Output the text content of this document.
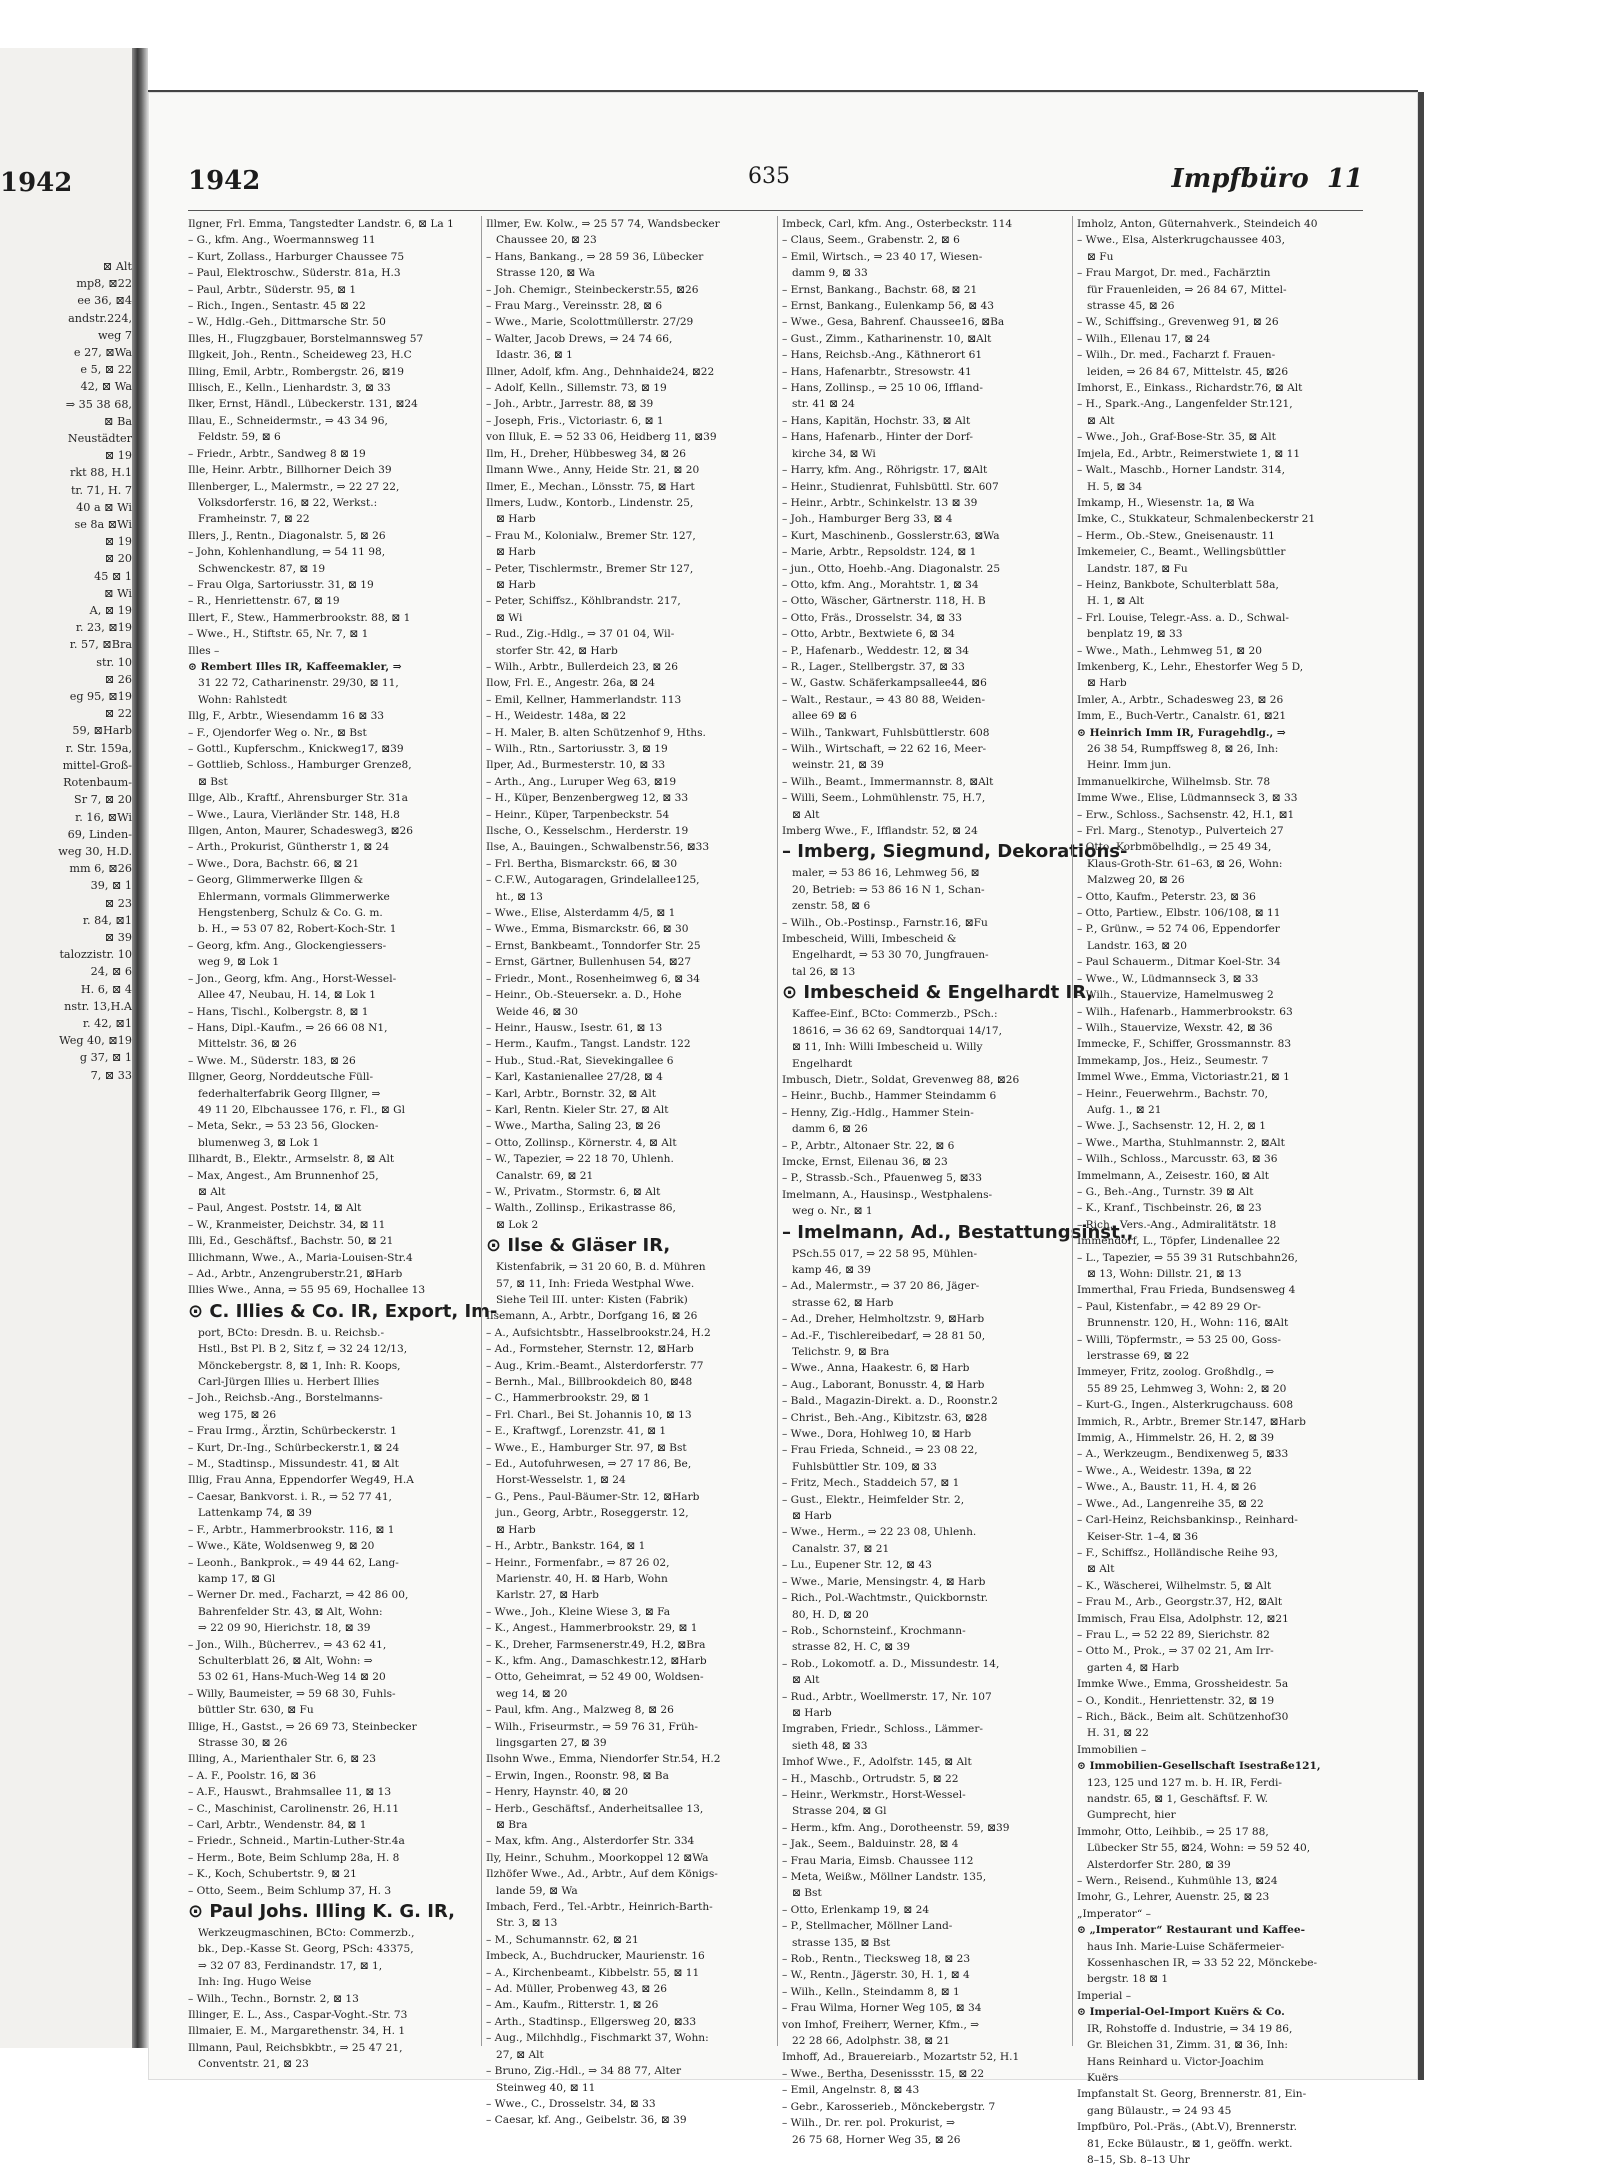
1942
⊠ Alt
mp8, ⊠22
ee 36, ⊠4
andstr.224,
weg 7
e 27, ⊠Wa
e 5, ⊠ 22
42, ⊠ Wa
⇒ 35 38 68,
⊠ Ba
Neustädter
⊠ 19
rkt 88, H.1
tr. 71, H. 7
40 a ⊠ Wi
se 8a ⊠Wi
⊠ 19
⊠ 20
45 ⊠ 1
⊠ Wi
A, ⊠ 19
r. 23, ⊠19
r. 57, ⊠Bra
str. 10
⊠ 26
eg 95, ⊠19
⊠ 22
59, ⊠Harb
r. Str. 159a,
mittel-Groß-
Rotenbaum-
Sr 7, ⊠ 20
r. 16, ⊠Wi
69, Linden-
weg 30, H.D.
mm 6, ⊠26
39, ⊠ 1
⊠ 23
r. 84, ⊠1
⊠ 39
talozzistr. 10
24, ⊠ 6
H. 6, ⊠ 4
nstr. 13,H.A
r. 42, ⊠1
Weg 40, ⊠19
g 37, ⊠ 1
7, ⊠ 33
1942	635	Impfbüro 11
Ilgner, Frl. Emma, Tangstedter Landstr. 6, ⊠ La 1
– G., kfm. Ang., Woermannsweg 11
– Kurt, Zollass., Harburger Chaussee 75
– Paul, Elektroschw., Süderstr. 81a, H.3
– Paul, Arbtr., Süderstr. 95, ⊠ 1
– Rich., Ingen., Sentastr. 45 ⊠ 22
– W., Hdlg.-Geh., Dittmarsche Str. 50
Illes, H., Flugzgbauer, Borstelmannsweg 57
Illgkeit, Joh., Rentn., Scheideweg 23, H.C
Illing, Emil, Arbtr., Rombergstr. 26, ⊠19
Illisch, E., Kelln., Lienhardstr. 3, ⊠ 33
Ilker, Ernst, Händl., Lübeckerstr. 131, ⊠24
Illau, E., Schneidermstr., ⇒ 43 34 96,
Feldstr. 59, ⊠ 6
– Friedr., Arbtr., Sandweg 8 ⊠ 19
Ille, Heinr. Arbtr., Billhorner Deich 39
Illenberger, L., Malermstr., ⇒ 22 27 22,
Volksdorferstr. 16, ⊠ 22, Werkst.:
Framheinstr. 7, ⊠ 22
Illers, J., Rentn., Diagonalstr. 5, ⊠ 26
– John, Kohlenhandlung, ⇒ 54 11 98,
Schwenckestr. 87, ⊠ 19
– Frau Olga, Sartoriusstr. 31, ⊠ 19
– R., Henriettenstr. 67, ⊠ 19
Illert, F., Stew., Hammerbrookstr. 88, ⊠ 1
– Wwe., H., Stiftstr. 65, Nr. 7, ⊠ 1
Illes –
⊙ Rembert Illes IR, Kaffeemakler, ⇒
31 22 72, Catharinenstr. 29/30, ⊠ 11,
Wohn: Rahlstedt
Illg, F., Arbtr., Wiesendamm 16 ⊠ 33
– F., Ojendorfer Weg o. Nr., ⊠ Bst
– Gottl., Kupferschm., Knickweg17, ⊠39
– Gottlieb, Schloss., Hamburger Grenze8,
⊠ Bst
Illge, Alb., Kraftf., Ahrensburger Str. 31a
– Wwe., Laura, Vierländer Str. 148, H.8
Illgen, Anton, Maurer, Schadesweg3, ⊠26
– Arth., Prokurist, Güntherstr 1, ⊠ 24
– Wwe., Dora, Bachstr. 66, ⊠ 21
– Georg, Glimmerwerke Illgen &
Ehlermann, vormals Glimmerwerke
Hengstenberg, Schulz & Co. G. m.
b. H., ⇒ 53 07 82, Robert-Koch-Str. 1
– Georg, kfm. Ang., Glockengiessers-
weg 9, ⊠ Lok 1
– Jon., Georg, kfm. Ang., Horst-Wessel-
Allee 47, Neubau, H. 14, ⊠ Lok 1
– Hans, Tischl., Kolbergstr. 8, ⊠ 1
– Hans, Dipl.-Kaufm., ⇒ 26 66 08 N1,
Mittelstr. 36, ⊠ 26
– Wwe. M., Süderstr. 183, ⊠ 26
Illgner, Georg, Norddeutsche Füll-
federhalterfabrik Georg Illgner, ⇒
49 11 20, Elbchaussee 176, r. Fl., ⊠ Gl
– Meta, Sekr., ⇒ 53 23 56, Glocken-
blumenweg 3, ⊠ Lok 1
Illhardt, B., Elektr., Armselstr. 8, ⊠ Alt
– Max, Angest., Am Brunnenhof 25,
⊠ Alt
– Paul, Angest. Poststr. 14, ⊠ Alt
– W., Kranmeister, Deichstr. 34, ⊠ 11
Illi, Ed., Geschäftsf., Bachstr. 50, ⊠ 21
Illichmann, Wwe., A., Maria-Louisen-Str.4
– Ad., Arbtr., Anzengruberstr.21, ⊠Harb
Illies Wwe., Anna, ⇒ 55 95 69, Hochallee 13
⊙ C. Illies & Co. IR, Export, Im-
port, BCto: Dresdn. B. u. Reichsb.-
Hstl., Bst Pl. B 2, Sitz f, ⇒ 32 24 12/13,
Mönckebergstr. 8, ⊠ 1, Inh: R. Koops,
Carl-Jürgen Illies u. Herbert Illies
– Joh., Reichsb.-Ang., Borstelmanns-
weg 175, ⊠ 26
– Frau Irmg., Ärztin, Schürbeckerstr. 1
– Kurt, Dr.-Ing., Schürbeckerstr.1, ⊠ 24
– M., Stadtinsp., Missundestr. 41, ⊠ Alt
Illig, Frau Anna, Eppendorfer Weg49, H.A
– Caesar, Bankvorst. i. R., ⇒ 52 77 41,
Lattenkamp 74, ⊠ 39
– F., Arbtr., Hammerbrookstr. 116, ⊠ 1
– Wwe., Käte, Woldsenweg 9, ⊠ 20
– Leonh., Bankprok., ⇒ 49 44 62, Lang-
kamp 17, ⊠ Gl
– Werner Dr. med., Facharzt, ⇒ 42 86 00,
Bahrenfelder Str. 43, ⊠ Alt, Wohn:
⇒ 22 09 90, Hierichstr. 18, ⊠ 39
– Jon., Wilh., Bücherrev., ⇒ 43 62 41,
Schulterblatt 26, ⊠ Alt, Wohn: ⇒
53 02 61, Hans-Much-Weg 14 ⊠ 20
– Willy, Baumeister, ⇒ 59 68 30, Fuhls-
büttler Str. 630, ⊠ Fu
Illige, H., Gastst., ⇒ 26 69 73, Steinbecker
Strasse 30, ⊠ 26
Illing, A., Marienthaler Str. 6, ⊠ 23
– A. F., Poolstr. 16, ⊠ 36
– A.F., Hauswt., Brahmsallee 11, ⊠ 13
– C., Maschinist, Carolinenstr. 26, H.11
– Carl, Arbtr., Wendenstr. 84, ⊠ 1
– Friedr., Schneid., Martin-Luther-Str.4a
– Herm., Bote, Beim Schlump 28a, H. 8
– K., Koch, Schubertstr. 9, ⊠ 21
– Otto, Seem., Beim Schlump 37, H. 3
⊙ Paul Johs. Illing K. G. IR,
Werkzeugmaschinen, BCto: Commerzb.,
bk., Dep.-Kasse St. Georg, PSch: 43375,
⇒ 32 07 83, Ferdinandstr. 17, ⊠ 1,
Inh: Ing. Hugo Weise
– Wilh., Techn., Bornstr. 2, ⊠ 13
Illinger, E. L., Ass., Caspar-Voght.-Str. 73
Illmaier, E. M., Margarethenstr. 34, H. 1
Illmann, Paul, Reichsbkbtr., ⇒ 25 47 21,
Conventstr. 21, ⊠ 23
Illmer, Ew. Kolw., ⇒ 25 57 74, Wandsbecker
Chaussee 20, ⊠ 23
– Hans, Bankang., ⇒ 28 59 36, Lübecker
Strasse 120, ⊠ Wa
– Joh. Chemigr., Steinbeckerstr.55, ⊠26
– Frau Marg., Vereinsstr. 28, ⊠ 6
– Wwe., Marie, Scolottmüllerstr. 27/29
– Walter, Jacob Drews, ⇒ 24 74 66,
Idastr. 36, ⊠ 1
Illner, Adolf, kfm. Ang., Dehnhaide24, ⊠22
– Adolf, Kelln., Sillemstr. 73, ⊠ 19
– Joh., Arbtr., Jarrestr. 88, ⊠ 39
– Joseph, Fris., Victoriastr. 6, ⊠ 1
von Illuk, E. ⇒ 52 33 06, Heidberg 11, ⊠39
Ilm, H., Dreher, Hübbesweg 34, ⊠ 26
Ilmann Wwe., Anny, Heide Str. 21, ⊠ 20
Ilmer, E., Mechan., Lönsstr. 75, ⊠ Hart
Ilmers, Ludw., Kontorb., Lindenstr. 25,
⊠ Harb
– Frau M., Kolonialw., Bremer Str. 127,
⊠ Harb
– Peter, Tischlermstr., Bremer Str 127,
⊠ Harb
– Peter, Schiffsz., Köhlbrandstr. 217,
⊠ Wi
– Rud., Zig.-Hdlg., ⇒ 37 01 04, Wil-
storfer Str. 42, ⊠ Harb
– Wilh., Arbtr., Bullerdeich 23, ⊠ 26
Ilow, Frl. E., Angestr. 26a, ⊠ 24
– Emil, Kellner, Hammerlandstr. 113
– H., Weidestr. 148a, ⊠ 22
– H. Maler, B. alten Schützenhof 9, Hths.
– Wilh., Rtn., Sartoriusstr. 3, ⊠ 19
Ilper, Ad., Burmesterstr. 10, ⊠ 33
– Arth., Ang., Luruper Weg 63, ⊠19
– H., Küper, Benzenbergweg 12, ⊠ 33
– Heinr., Küper, Tarpenbeckstr. 54
Ilsche, O., Kesselschm., Herderstr. 19
Ilse, A., Bauingen., Schwalbenstr.56, ⊠33
– Frl. Bertha, Bismarckstr. 66, ⊠ 30
– C.F.W., Autogaragen, Grindelallee125,
ht., ⊠ 13
– Wwe., Elise, Alsterdamm 4/5, ⊠ 1
– Wwe., Emma, Bismarckstr. 66, ⊠ 30
– Ernst, Bankbeamt., Tonndorfer Str. 25
– Ernst, Gärtner, Bullenhusen 54, ⊠27
– Friedr., Mont., Rosenheimweg 6, ⊠ 34
– Heinr., Ob.-Steuersekr. a. D., Hohe
Weide 46, ⊠ 30
– Heinr., Hausw., Isestr. 61, ⊠ 13
– Herm., Kaufm., Tangst. Landstr. 122
– Hub., Stud.-Rat, Sievekingallee 6
– Karl, Kastanienallee 27/28, ⊠ 4
– Karl, Arbtr., Bornstr. 32, ⊠ Alt
– Karl, Rentn. Kieler Str. 27, ⊠ Alt
– Wwe., Martha, Saling 23, ⊠ 26
– Otto, Zollinsp., Körnerstr. 4, ⊠ Alt
– W., Tapezier, ⇒ 22 18 70, Uhlenh.
Canalstr. 69, ⊠ 21
– W., Privatm., Stormstr. 6, ⊠ Alt
– Walth., Zollinsp., Erikastrasse 86,
⊠ Lok 2
⊙ Ilse & Gläser IR,
Kistenfabrik, ⇒ 31 20 60, B. d. Mühren
57, ⊠ 11, Inh: Frieda Westphal Wwe.
Siehe Teil III. unter: Kisten (Fabrik)
Ilsemann, A., Arbtr., Dorfgang 16, ⊠ 26
– A., Aufsichtsbtr., Hasselbrookstr.24, H.2
– Ad., Formsteher, Sternstr. 12, ⊠Harb
– Aug., Krim.-Beamt., Alsterdorferstr. 77
– Bernh., Mal., Billbrookdeich 80, ⊠48
– C., Hammerbrookstr. 29, ⊠ 1
– Frl. Charl., Bei St. Johannis 10, ⊠ 13
– E., Kraftwgf., Lorenzstr. 41, ⊠ 1
– Wwe., E., Hamburger Str. 97, ⊠ Bst
– Ed., Autofuhrwesen, ⇒ 27 17 86, Be,
Horst-Wesselstr. 1, ⊠ 24
– G., Pens., Paul-Bäumer-Str. 12, ⊠Harb
jun., Georg, Arbtr., Roseggerstr. 12,
⊠ Harb
– H., Arbtr., Bankstr. 164, ⊠ 1
– Heinr., Formenfabr., ⇒ 87 26 02,
Marienstr. 40, H. ⊠ Harb, Wohn
Karlstr. 27, ⊠ Harb
– Wwe., Joh., Kleine Wiese 3, ⊠ Fa
– K., Angest., Hammerbrookstr. 29, ⊠ 1
– K., Dreher, Farmsenerstr.49, H.2, ⊠Bra
– K., kfm. Ang., Damaschkestr.12, ⊠Harb
– Otto, Geheimrat, ⇒ 52 49 00, Woldsen-
weg 14, ⊠ 20
– Paul, kfm. Ang., Malzweg 8, ⊠ 26
– Wilh., Friseurmstr., ⇒ 59 76 31, Früh-
lingsgarten 27, ⊠ 39
Ilsohn Wwe., Emma, Niendorfer Str.54, H.2
– Erwin, Ingen., Roonstr. 98, ⊠ Ba
– Henry, Haynstr. 40, ⊠ 20
– Herb., Geschäftsf., Anderheitsallee 13,
⊠ Bra
– Max, kfm. Ang., Alsterdorfer Str. 334
Ily, Heinr., Schuhm., Moorkoppel 12 ⊠Wa
Ilzhöfer Wwe., Ad., Arbtr., Auf dem Königs-
lande 59, ⊠ Wa
Imbach, Ferd., Tel.-Arbtr., Heinrich-Barth-
Str. 3, ⊠ 13
– M., Schumannstr. 62, ⊠ 21
Imbeck, A., Buchdrucker, Maurienstr. 16
– A., Kirchenbeamt., Kibbelstr. 55, ⊠ 11
– Ad. Müller, Probenweg 43, ⊠ 26
– Am., Kaufm., Ritterstr. 1, ⊠ 26
– Arth., Stadtinsp., Ellgersweg 20, ⊠33
– Aug., Milchhdlg., Fischmarkt 37, Wohn:
27, ⊠ Alt
– Bruno, Zig.-Hdl., ⇒ 34 88 77, Alter
Steinweg 40, ⊠ 11
– Wwe., C., Drosselstr. 34, ⊠ 33
– Caesar, kf. Ang., Geibelstr. 36, ⊠ 39
Imbeck, Carl, kfm. Ang., Osterbeckstr. 114
– Claus, Seem., Grabenstr. 2, ⊠ 6
– Emil, Wirtsch., ⇒ 23 40 17, Wiesen-
damm 9, ⊠ 33
– Ernst, Bankang., Bachstr. 68, ⊠ 21
– Ernst, Bankang., Eulenkamp 56, ⊠ 43
– Wwe., Gesa, Bahrenf. Chaussee16, ⊠Ba
– Gust., Zimm., Katharinenstr. 10, ⊠Alt
– Hans, Reichsb.-Ang., Käthnerort 61
– Hans, Hafenarbtr., Stresowstr. 41
– Hans, Zollinsp., ⇒ 25 10 06, Iffland-
str. 41 ⊠ 24
– Hans, Kapitän, Hochstr. 33, ⊠ Alt
– Hans, Hafenarb., Hinter der Dorf-
kirche 34, ⊠ Wi
– Harry, kfm. Ang., Röhrigstr. 17, ⊠Alt
– Heinr., Studienrat, Fuhlsbüttl. Str. 607
– Heinr., Arbtr., Schinkelstr. 13 ⊠ 39
– Joh., Hamburger Berg 33, ⊠ 4
– Kurt, Maschinenb., Gosslerstr.63, ⊠Wa
– Marie, Arbtr., Repsoldstr. 124, ⊠ 1
– jun., Otto, Hoehb.-Ang. Diagonalstr. 25
– Otto, kfm. Ang., Morahtstr. 1, ⊠ 34
– Otto, Wäscher, Gärtnerstr. 118, H. B
– Otto, Fräs., Drosselstr. 34, ⊠ 33
– Otto, Arbtr., Bextwiete 6, ⊠ 34
– P., Hafenarb., Weddestr. 12, ⊠ 34
– R., Lager., Stellbergstr. 37, ⊠ 33
– W., Gastw. Schäferkampsallee44, ⊠6
– Walt., Restaur., ⇒ 43 80 88, Weiden-
allee 69 ⊠ 6
– Wilh., Tankwart, Fuhlsbüttlerstr. 608
– Wilh., Wirtschaft, ⇒ 22 62 16, Meer-
weinstr. 21, ⊠ 39
– Wilh., Beamt., Immermannstr. 8, ⊠Alt
– Willi, Seem., Lohmühlenstr. 75, H.7,
⊠ Alt
Imberg Wwe., F., Ifflandstr. 52, ⊠ 24
– Imberg, Siegmund, Dekorations-
maler, ⇒ 53 86 16, Lehmweg 56, ⊠
20, Betrieb: ⇒ 53 86 16 N 1, Schan-
zenstr. 58, ⊠ 6
– Wilh., Ob.-Postinsp., Farnstr.16, ⊠Fu
Imbescheid, Willi, Imbescheid &
Engelhardt, ⇒ 53 30 70, Jungfrauen-
tal 26, ⊠ 13
⊙ Imbescheid & Engelhardt IR,
Kaffee-Einf., BCto: Commerzb., PSch.:
18616, ⇒ 36 62 69, Sandtorquai 14/17,
⊠ 11, Inh: Willi Imbescheid u. Willy
Engelhardt
Imbusch, Dietr., Soldat, Grevenweg 88, ⊠26
– Heinr., Buchb., Hammer Steindamm 6
– Henny, Zig.-Hdlg., Hammer Stein-
damm 6, ⊠ 26
– P., Arbtr., Altonaer Str. 22, ⊠ 6
Imcke, Ernst, Eilenau 36, ⊠ 23
– P., Strassb.-Sch., Pfauenweg 5, ⊠33
Imelmann, A., Hausinsp., Westphalens-
weg o. Nr., ⊠ 1
– Imelmann, Ad., Bestattungsinst.,
PSch.55 017, ⇒ 22 58 95, Mühlen-
kamp 46, ⊠ 39
– Ad., Malermstr., ⇒ 37 20 86, Jäger-
strasse 62, ⊠ Harb
– Ad., Dreher, Helmholtzstr. 9, ⊠Harb
– Ad.-F., Tischlereibedarf, ⇒ 28 81 50,
Telichstr. 9, ⊠ Bra
– Wwe., Anna, Haakestr. 6, ⊠ Harb
– Aug., Laborant, Bonusstr. 4, ⊠ Harb
– Bald., Magazin-Direkt. a. D., Roonstr.2
– Christ., Beh.-Ang., Kibitzstr. 63, ⊠28
– Wwe., Dora, Hohlweg 10, ⊠ Harb
– Frau Frieda, Schneid., ⇒ 23 08 22,
Fuhlsbüttler Str. 109, ⊠ 33
– Fritz, Mech., Staddeich 57, ⊠ 1
– Gust., Elektr., Heimfelder Str. 2,
⊠ Harb
– Wwe., Herm., ⇒ 22 23 08, Uhlenh.
Canalstr. 37, ⊠ 21
– Lu., Eupener Str. 12, ⊠ 43
– Wwe., Marie, Mensingstr. 4, ⊠ Harb
– Rich., Pol.-Wachtmstr., Quickbornstr.
80, H. D, ⊠ 20
– Rob., Schornsteinf., Krochmann-
strasse 82, H. C, ⊠ 39
– Rob., Lokomotf. a. D., Missundestr. 14,
⊠ Alt
– Rud., Arbtr., Woellmerstr. 17, Nr. 107
⊠ Harb
Imgraben, Friedr., Schloss., Lämmer-
sieth 48, ⊠ 33
Imhof Wwe., F., Adolfstr. 145, ⊠ Alt
– H., Maschb., Ortrudstr. 5, ⊠ 22
– Heinr., Werkmstr., Horst-Wessel-
Strasse 204, ⊠ Gl
– Herm., kfm. Ang., Dorotheenstr. 59, ⊠39
– Jak., Seem., Balduinstr. 28, ⊠ 4
– Frau Maria, Eimsb. Chaussee 112
– Meta, Weißw., Möllner Landstr. 135,
⊠ Bst
– Otto, Erlenkamp 19, ⊠ 24
– P., Stellmacher, Möllner Land-
strasse 135, ⊠ Bst
– Rob., Rentn., Tiecksweg 18, ⊠ 23
– W., Rentn., Jägerstr. 30, H. 1, ⊠ 4
– Wilh., Kelln., Steindamm 8, ⊠ 1
– Frau Wilma, Horner Weg 105, ⊠ 34
von Imhof, Freiherr, Werner, Kfm., ⇒
22 28 66, Adolphstr. 38, ⊠ 21
Imhoff, Ad., Brauereiarb., Mozartstr 52, H.1
– Wwe., Bertha, Desenissstr. 15, ⊠ 22
– Emil, Angelnstr. 8, ⊠ 43
– Gebr., Karosserieb., Mönckebergstr. 7
– Wilh., Dr. rer. pol. Prokurist, ⇒
26 75 68, Horner Weg 35, ⊠ 26
Imholz, Anton, Güternahverk., Steindeich 40
– Wwe., Elsa, Alsterkrugchaussee 403,
⊠ Fu
– Frau Margot, Dr. med., Fachärztin
für Frauenleiden, ⇒ 26 84 67, Mittel-
strasse 45, ⊠ 26
– W., Schiffsing., Grevenweg 91, ⊠ 26
– Wilh., Ellenau 17, ⊠ 24
– Wilh., Dr. med., Facharzt f. Frauen-
leiden, ⇒ 26 84 67, Mittelstr. 45, ⊠26
Imhorst, E., Einkass., Richardstr.76, ⊠ Alt
– H., Spark.-Ang., Langenfelder Str.121,
⊠ Alt
– Wwe., Joh., Graf-Bose-Str. 35, ⊠ Alt
Imjela, Ed., Arbtr., Reimerstwiete 1, ⊠ 11
– Walt., Maschb., Horner Landstr. 314,
H. 5, ⊠ 34
Imkamp, H., Wiesenstr. 1a, ⊠ Wa
Imke, C., Stukkateur, Schmalenbeckerstr 21
– Herm., Ob.-Stew., Gneisenaustr. 11
Imkemeier, C., Beamt., Wellingsbüttler
Landstr. 187, ⊠ Fu
– Heinz, Bankbote, Schulterblatt 58a,
H. 1, ⊠ Alt
– Frl. Louise, Telegr.-Ass. a. D., Schwal-
benplatz 19, ⊠ 33
– Wwe., Math., Lehmweg 51, ⊠ 20
Imkenberg, K., Lehr., Ehestorfer Weg 5 D,
⊠ Harb
Imler, A., Arbtr., Schadesweg 23, ⊠ 26
Imm, E., Buch-Vertr., Canalstr. 61, ⊠21
⊙ Heinrich Imm IR, Furagehdlg., ⇒
26 38 54, Rumpffsweg 8, ⊠ 26, Inh:
Heinr. Imm jun.
Immanuelkirche, Wilhelmsb. Str. 78
Imme Wwe., Elise, Lüdmannseck 3, ⊠ 33
– Erw., Schloss., Sachsenstr. 42, H.1, ⊠1
– Frl. Marg., Stenotyp., Pulverteich 27
– Otto, Korbmöbelhdlg., ⇒ 25 49 34,
Klaus-Groth-Str. 61–63, ⊠ 26, Wohn:
Malzweg 20, ⊠ 26
– Otto, Kaufm., Peterstr. 23, ⊠ 36
– Otto, Partiew., Elbstr. 106/108, ⊠ 11
– P., Grünw., ⇒ 52 74 06, Eppendorfer
Landstr. 163, ⊠ 20
– Paul Schauerm., Ditmar Koel-Str. 34
– Wwe., W., Lüdmannseck 3, ⊠ 33
– Wilh., Stauervize, Hamelmusweg 2
– Wilh., Hafenarb., Hammerbrookstr. 63
– Wilh., Stauervize, Wexstr. 42, ⊠ 36
Immecke, F., Schiffer, Grossmannstr. 83
Immekamp, Jos., Heiz., Seumestr. 7
Immel Wwe., Emma, Victoriastr.21, ⊠ 1
– Heinr., Feuerwehrm., Bachstr. 70,
Aufg. 1., ⊠ 21
– Wwe. J., Sachsenstr. 12, H. 2, ⊠ 1
– Wwe., Martha, Stuhlmannstr. 2, ⊠Alt
– Wilh., Schloss., Marcusstr. 63, ⊠ 36
Immelmann, A., Zeisestr. 160, ⊠ Alt
– G., Beh.-Ang., Turnstr. 39 ⊠ Alt
– K., Kranf., Tischbeinstr. 26, ⊠ 23
– Rich., Vers.-Ang., Admiralitätstr. 18
Immendorf, L., Töpfer, Lindenallee 22
– L., Tapezier, ⇒ 55 39 31 Rutschbahn26,
⊠ 13, Wohn: Dillstr. 21, ⊠ 13
Immerthal, Frau Frieda, Bundsensweg 4
– Paul, Kistenfabr., ⇒ 42 89 29 Or-
Brunnenstr. 120, H., Wohn: 116, ⊠Alt
– Willi, Töpfermstr., ⇒ 53 25 00, Goss-
lerstrasse 69, ⊠ 22
Immeyer, Fritz, zoolog. Großhdlg., ⇒
55 89 25, Lehmweg 3, Wohn: 2, ⊠ 20
– Kurt-G., Ingen., Alsterkrugchauss. 608
Immich, R., Arbtr., Bremer Str.147, ⊠Harb
Immig, A., Himmelstr. 26, H. 2, ⊠ 39
– A., Werkzeugm., Bendixenweg 5, ⊠33
– Wwe., A., Weidestr. 139a, ⊠ 22
– Wwe., A., Baustr. 11, H. 4, ⊠ 26
– Wwe., Ad., Langenreihe 35, ⊠ 22
– Carl-Heinz, Reichsbankinsp., Reinhard-
Keiser-Str. 1–4, ⊠ 36
– F., Schiffsz., Holländische Reihe 93,
⊠ Alt
– K., Wäscherei, Wilhelmstr. 5, ⊠ Alt
– Frau M., Arb., Georgstr.37, H2, ⊠Alt
Immisch, Frau Elsa, Adolphstr. 12, ⊠21
– Frau L., ⇒ 52 22 89, Sierichstr. 82
– Otto M., Prok., ⇒ 37 02 21, Am Irr-
garten 4, ⊠ Harb
Immke Wwe., Emma, Grossheidestr. 5a
– O., Kondit., Henriettenstr. 32, ⊠ 19
– Rich., Bäck., Beim alt. Schützenhof30
H. 31, ⊠ 22
Immobilien –
⊙ Immobilien-Gesellschaft Isestraße121,
123, 125 und 127 m. b. H. IR, Ferdi-
nandstr. 65, ⊠ 1, Geschäftsf. F. W.
Gumprecht, hier
Immohr, Otto, Leihbib., ⇒ 25 17 88,
Lübecker Str 55, ⊠24, Wohn: ⇒ 59 52 40,
Alsterdorfer Str. 280, ⊠ 39
– Wern., Reisend., Kuhmühle 13, ⊠24
Imohr, G., Lehrer, Auenstr. 25, ⊠ 23
„Imperator“ –
⊙ „Imperator“ Restaurant und Kaffee-
haus Inh. Marie-Luise Schäfermeier-
Kossenhaschen IR, ⇒ 33 52 22, Mönckebe-
bergstr. 18 ⊠ 1
Imperial –
⊙ Imperial-Oel-Import Kuërs & Co.
IR, Rohstoffe d. Industrie, ⇒ 34 19 86,
Gr. Bleichen 31, Zimm. 31, ⊠ 36, Inh:
Hans Reinhard u. Victor-Joachim
Kuërs
Impfanstalt St. Georg, Brennerstr. 81, Ein-
gang Bülaustr., ⇒ 24 93 45
Impfbüro, Pol.-Präs., (Abt.V), Brennerstr.
81, Ecke Bülaustr., ⊠ 1, geöffn. werkt.
8–15, Sb. 8–13 Uhr
